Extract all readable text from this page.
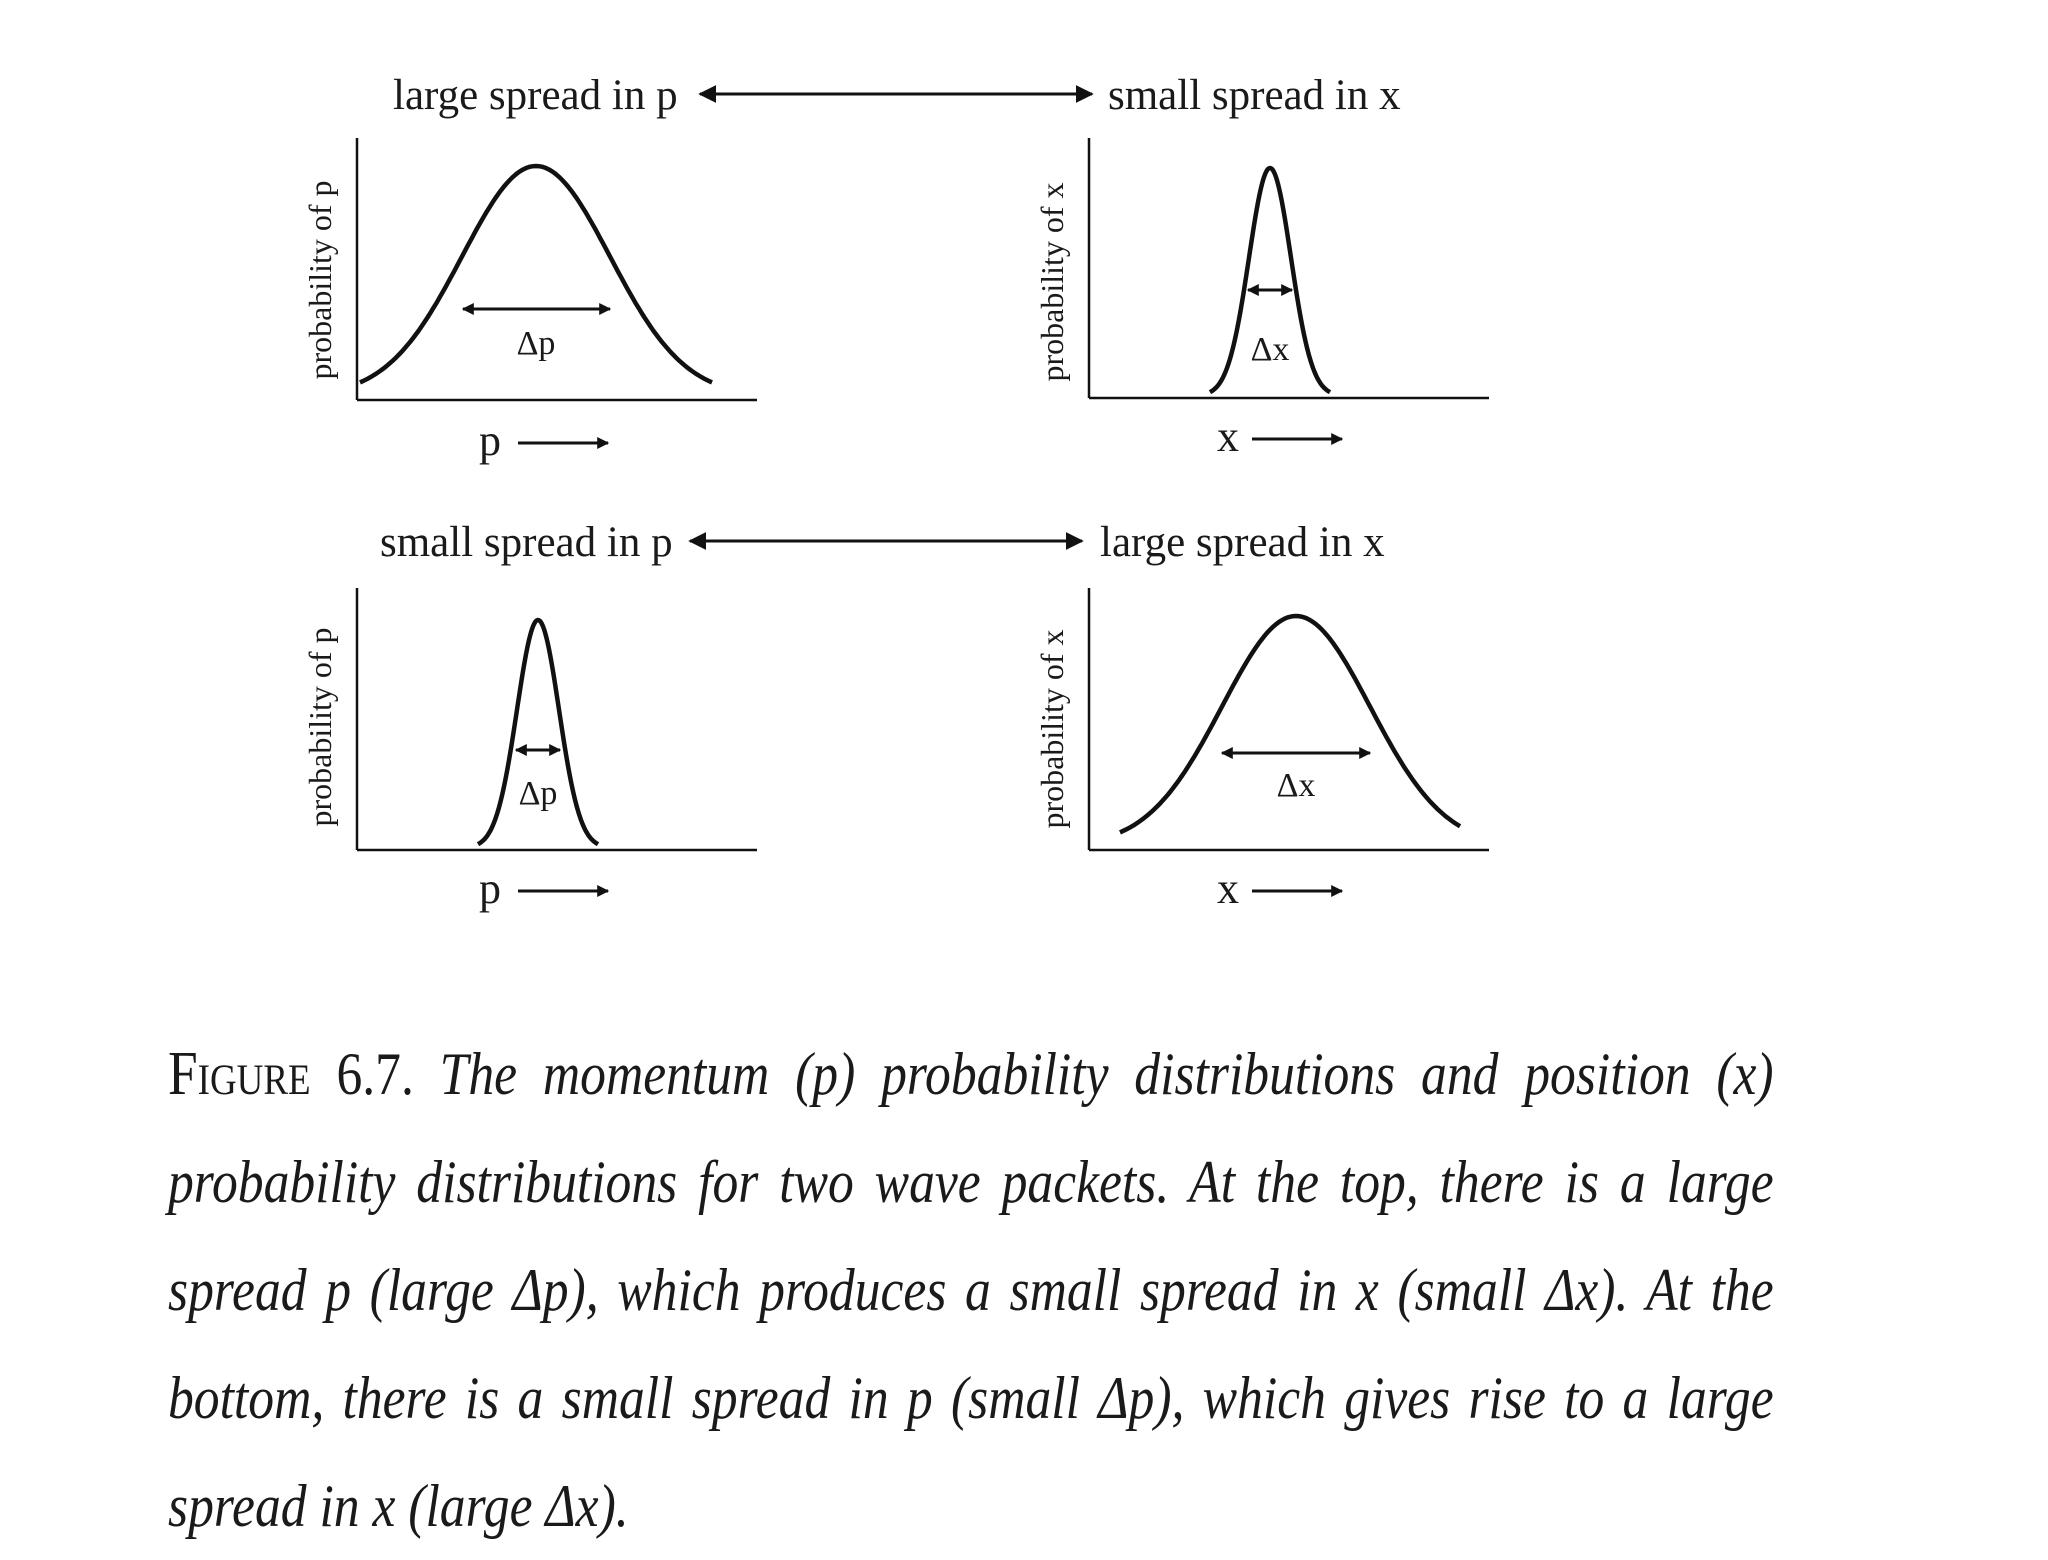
large spread in p	small spread in x
probability of p	Δp
p
probability of x	Δx
x
small spread in p	large spread in x
probability of p	Δp
p
probability of x	Δx
x
Figure 6.7. The momentum (p) probability distributions and position (x) probability distributions for two wave packets. At the top, there is a large spread p (large Δp), which produces a small spread in x (small Δx). At the bottom, there is a small spread in p (small Δp), which gives rise to a large spread in x (large Δx).
